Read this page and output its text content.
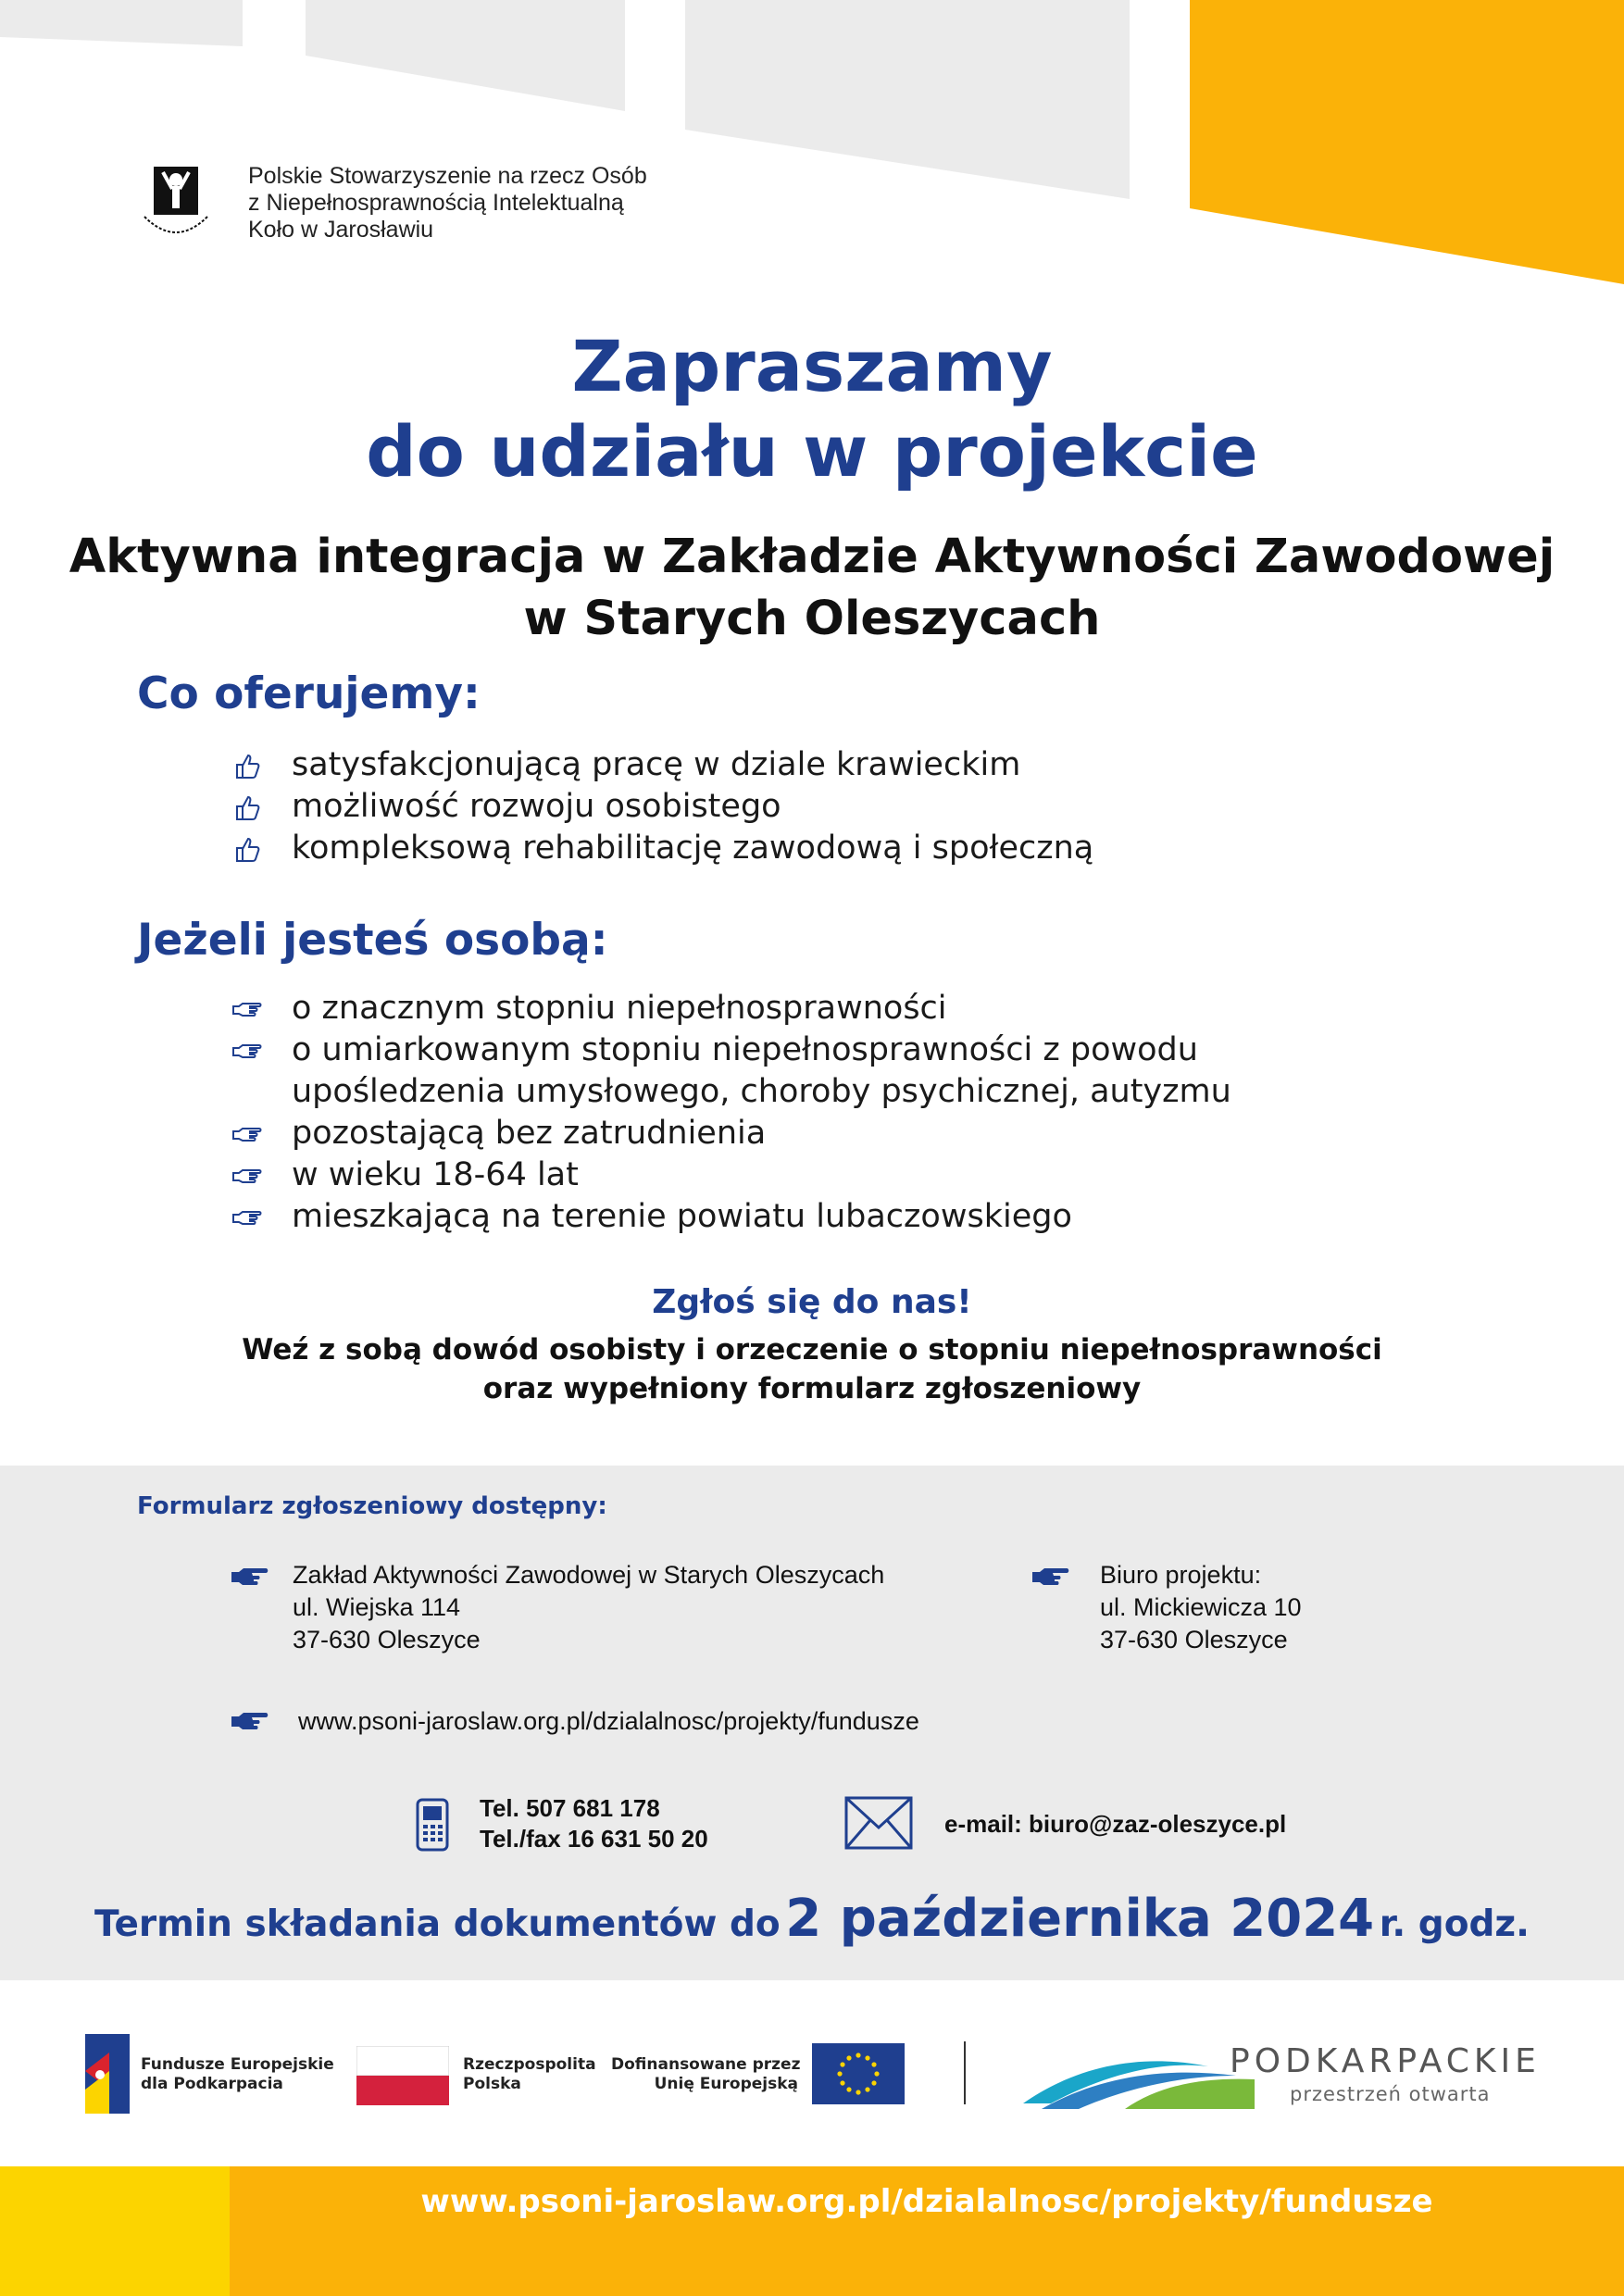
Polskie Stowarzyszenie na rzecz Osób
z Niepełnosprawnością Intelektualną
Koło w Jarosławiu
Zapraszamy
do udziału w projekcie
Aktywna integracja w Zakładzie Aktywności Zawodowej
w Starych Oleszycach
Co oferujemy:
satysfakcjonującą pracę w dziale krawieckim
możliwość rozwoju osobistego
kompleksową rehabilitację zawodową i społeczną
Jeżeli jesteś osobą:
o znacznym stopniu niepełnosprawności
o umiarkowanym stopniu niepełnosprawności z powodu
upośledzenia umysłowego, choroby psychicznej, autyzmu
pozostającą bez zatrudnienia
w wieku 18-64 lat
mieszkającą na terenie powiatu lubaczowskiego
Zgłoś się do nas!
Weź z sobą dowód osobisty i orzeczenie o stopniu niepełnosprawności
oraz wypełniony formularz zgłoszeniowy
Formularz zgłoszeniowy dostępny:
Zakład Aktywności Zawodowej w Starych Oleszycach
ul. Wiejska 114
37-630 Oleszyce
Biuro projektu:
ul. Mickiewicza 10
37-630 Oleszyce
www.psoni-jaroslaw.org.pl/dzialalnosc/projekty/fundusze
Tel. 507 681 178
Tel./fax 16 631 50 20
e-mail: biuro@zaz-oleszyce.pl
Termin składania dokumentów do 2 października 2024 r. godz.
Fundusze Europejskie
dla Podkarpacia
Rzeczpospolita
Polska
Dofinansowane przez
Unię Europejską
PODKARPACKIE
przestrzeń otwarta
www.psoni-jaroslaw.org.pl/dzialalnosc/projekty/fundusze
